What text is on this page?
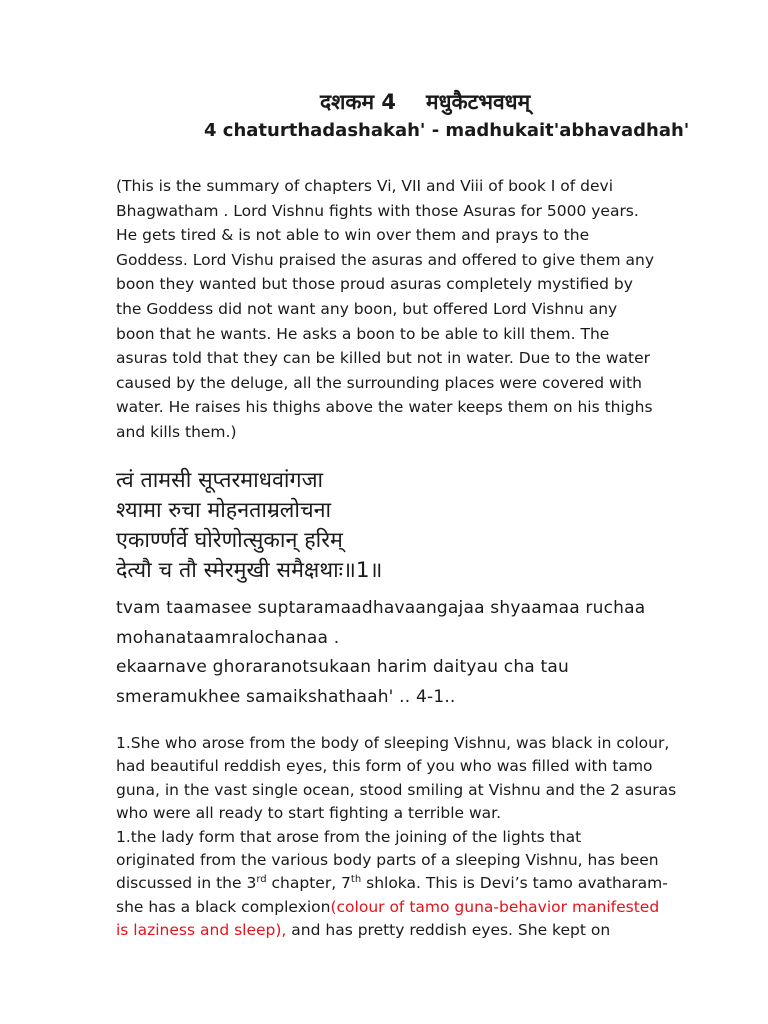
दशकम 4 मधुकैटभवधम्
4 chaturthadashakah' - madhukait'abhavadhah'
(This is the summary of chapters Vi, VII and Viii of book I of devi
Bhagwatham . Lord Vishnu fights with those Asuras for 5000 years.
He gets tired & is not able to win over them and prays to the
Goddess. Lord Vishu praised the asuras and offered to give them any
boon they wanted but those proud asuras completely mystified by
the Goddess did not want any boon, but offered Lord Vishnu any
boon that he wants. He asks a boon to be able to kill them. The
asuras told that they can be killed but not in water. Due to the water
caused by the deluge, all the surrounding places were covered with
water. He raises his thighs above the water keeps them on his thighs
and kills them.)
त्वं तामसी सूप्तरमाधवांगजा
श्यामा रुचा मोहनताम्रलोचना
एकार्ण्णर्वे घोरेणोत्सुकान् हरिम्
देत्यौ च तौ स्मेरमुखी समैक्षथाः॥1॥
tvam taamasee suptaramaadhavaangajaa shyaamaa ruchaa
mohanataamralochanaa .
ekaarnave ghoraranotsukaan harim daityau cha tau
smeramukhee samaikshathaah' .. 4-1..
1.She who arose from the body of sleeping Vishnu, was black in colour,
had beautiful reddish eyes, this form of you who was filled with tamo
guna, in the vast single ocean, stood smiling at Vishnu and the 2 asuras
who were all ready to start fighting a terrible war.
1.the lady form that arose from the joining of the lights that
originated from the various body parts of a sleeping Vishnu, has been
discussed in the 3rd chapter, 7th shloka. This is Devi’s tamo avatharam-
she has a black complexion(colour of tamo guna-behavior manifested
is laziness and sleep), and has pretty reddish eyes. She kept on
